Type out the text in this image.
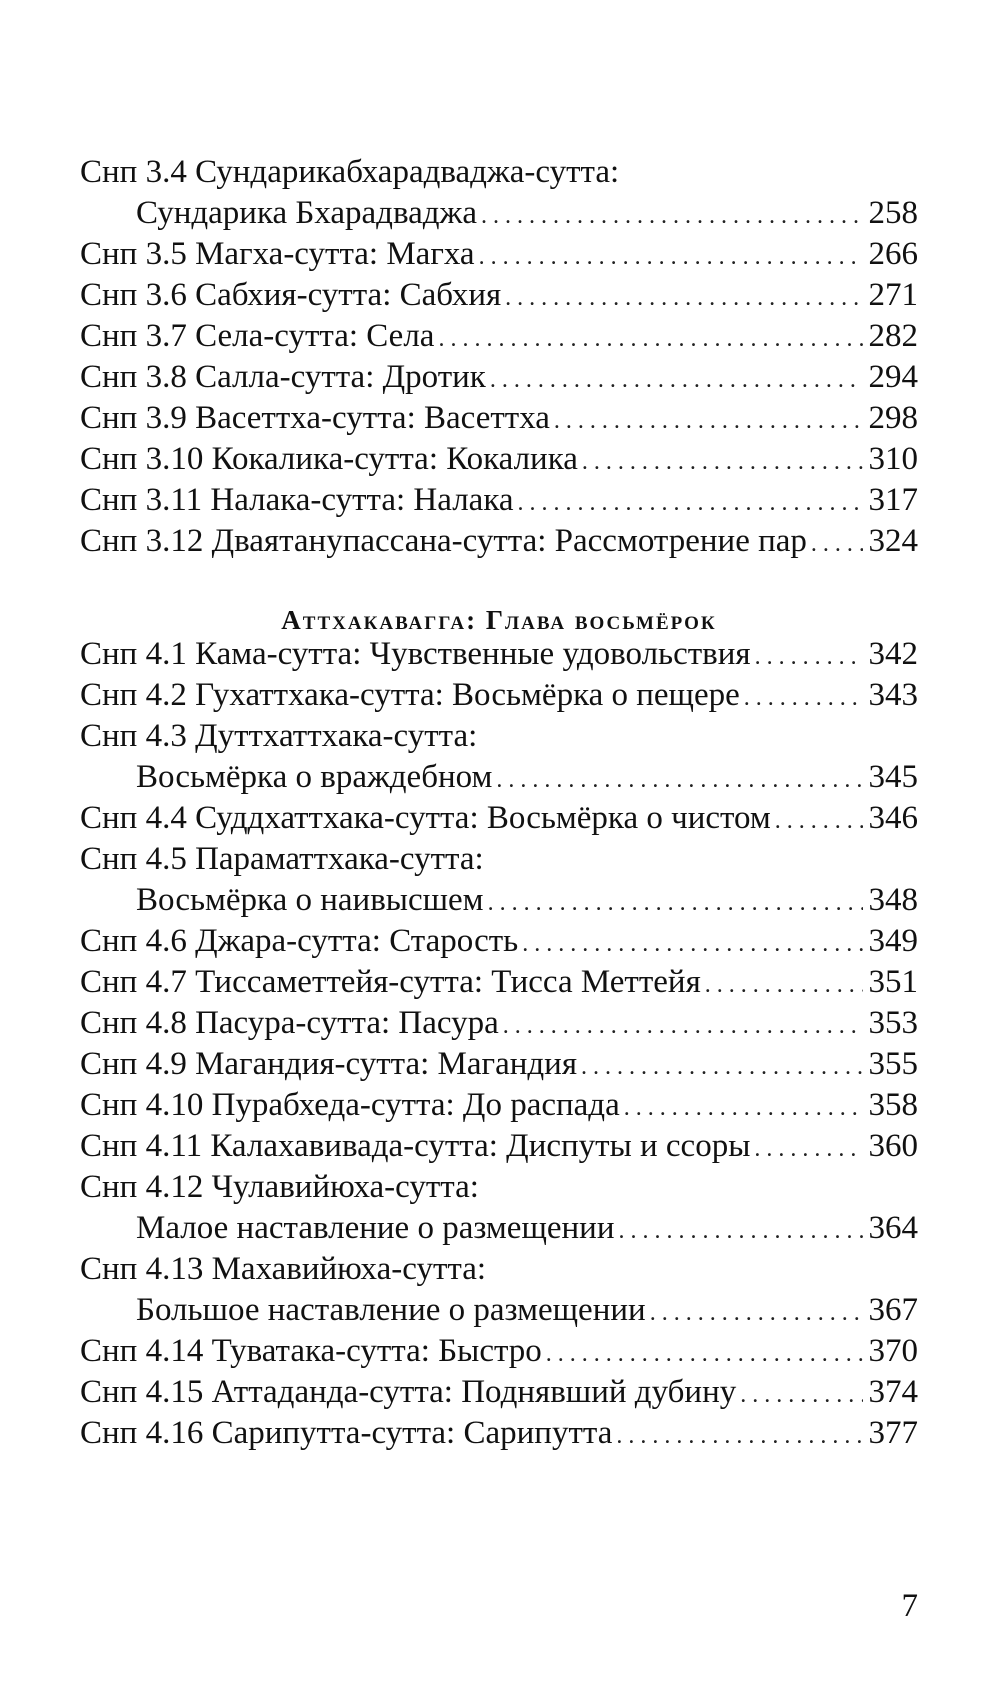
Аттхакавагга: Глава восьмёрок
Снп 3.4 Сундарикабхарадваджа-сутта:
Сундарика Бхарадваджа . . .	258
Снп 3.5 Магха-сутта: Магха . . .	266
Снп 3.6 Сабхия-сутта: Сабхия . . .	271
Снп 3.7 Села-сутта: Села . . .	282
Снп 3.8 Салла-сутта: Дротик . . .	294
Снп 3.9 Васеттха-сутта: Васеттха . . .	298
Снп 3.10 Кокалика-сутта: Кокалика . . .	310
Снп 3.11 Налака-сутта: Налака . . .	317
Снп 3.12 Дваятанупассана-сутта: Рассмотрение пар . . . 324
Снп 4.1 Кама-сутта: Чувственные удовольствия . . .	342
Снп 4.2 Гухаттхака-сутта: Восьмёрка о пещере . . .	343
Снп 4.3 Дуттхаттхака-сутта:
Восьмёрка о враждебном . . .	345
Снп 4.4 Суддхаттхака-сутта: Восьмёрка о чистом . . .	346
Снп 4.5 Параматтхака-сутта:
Восьмёрка о наивысшем . . .	348
Снп 4.6 Джара-сутта: Старость . . .	349
Снп 4.7 Тиссаметтейя-сутта: Тисса Меттейя . . .	351
Снп 4.8 Пасура-сутта: Пасура . . .	353
Снп 4.9 Магандия-сутта: Магандия . . .	355
Снп 4.10 Пурабхеда-сутта: До распада . . .	358
Снп 4.11 Калахавивада-сутта: Диспуты и ссоры . . .	360
Снп 4.12 Чулавийюха-сутта:
Малое наставление о размещении . . .	364
Снп 4.13 Махавийюха-сутта:
Большое наставление о размещении . . .	367
Снп 4.14 Туватака-сутта: Быстро . . .	370
Снп 4.15 Аттаданда-сутта: Поднявший дубину . . .	374
Снп 4.16 Сарипутта-сутта: Сарипутта . . .	377
7
